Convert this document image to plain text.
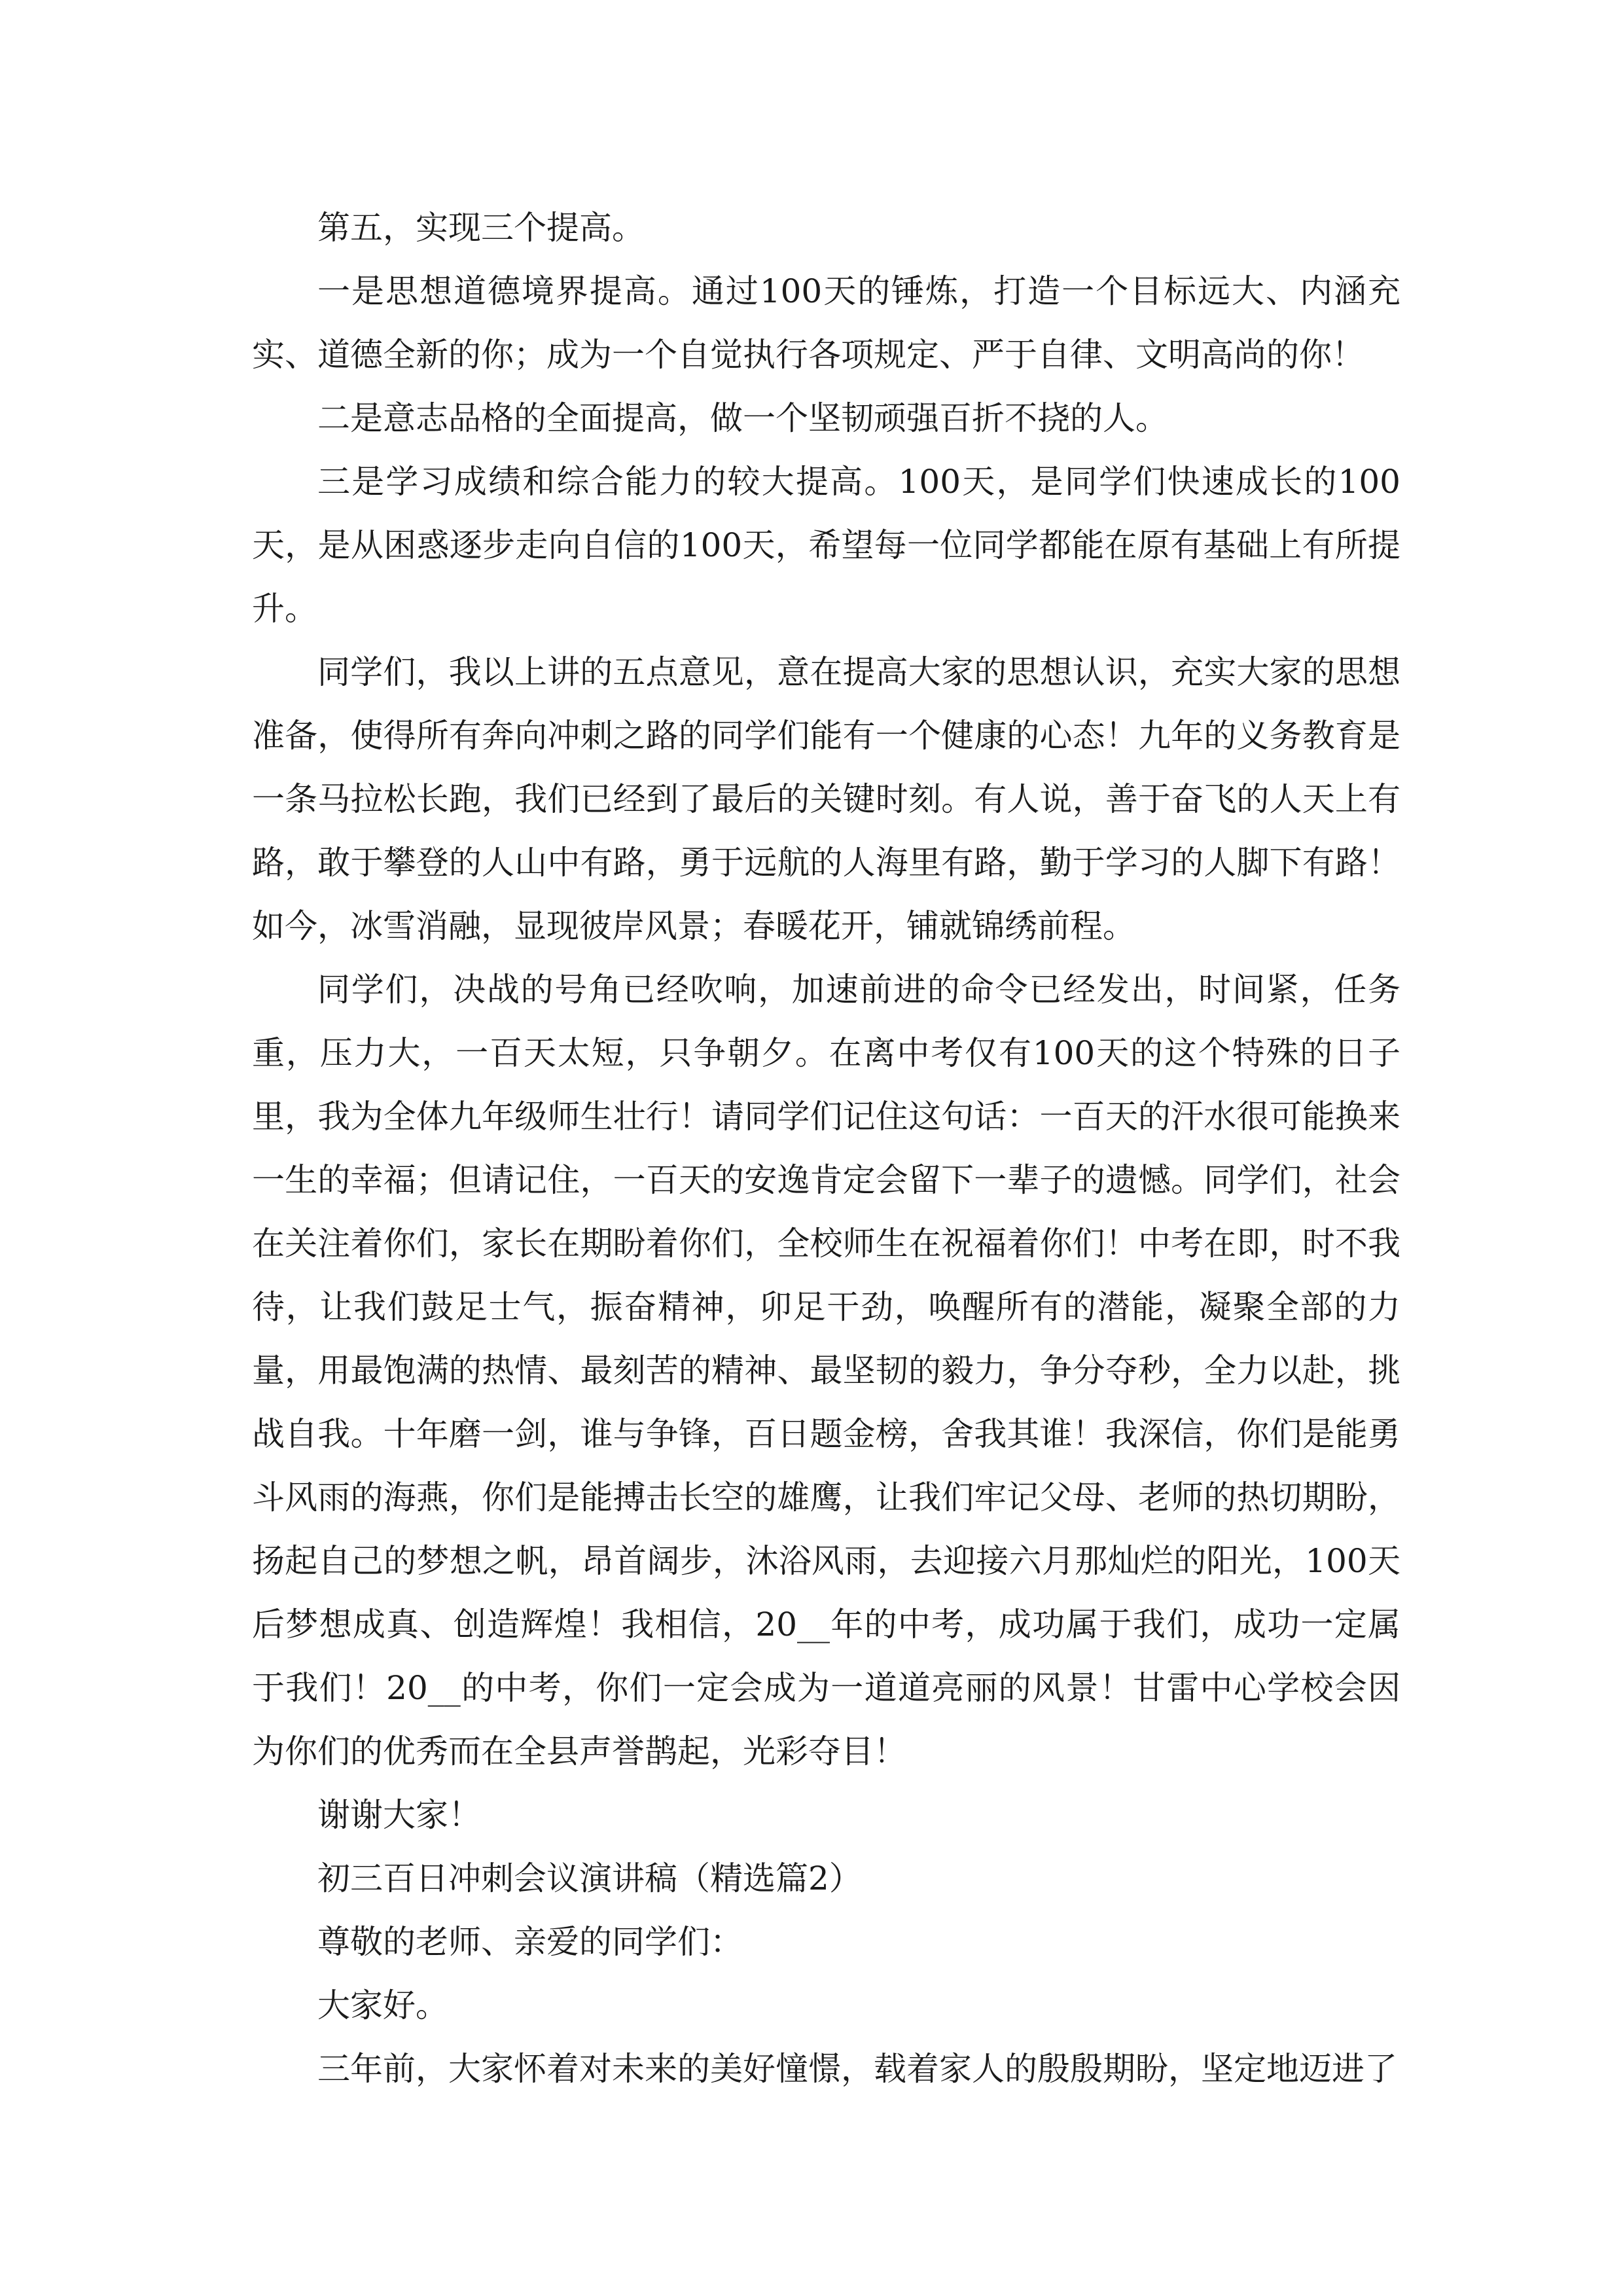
第五，实现三个提高。

一是思想道德境界提高。通过100天的锤炼，打造一个目标远大、内涵充实、道德全新的你；成为一个自觉执行各项规定、严于自律、文明高尚的你！

二是意志品格的全面提高，做一个坚韧顽强百折不挠的人。

三是学习成绩和综合能力的较大提高。100天，是同学们快速成长的100天，是从困惑逐步走向自信的100天，希望每一位同学都能在原有基础上有所提升。

同学们，我以上讲的五点意见，意在提高大家的思想认识，充实大家的思想准备，使得所有奔向冲刺之路的同学们能有一个健康的心态！九年的义务教育是一条马拉松长跑，我们已经到了最后的关键时刻。有人说，善于奋飞的人天上有路，敢于攀登的人山中有路，勇于远航的人海里有路，勤于学习的人脚下有路！如今，冰雪消融，显现彼岸风景；春暖花开，铺就锦绣前程。

同学们，决战的号角已经吹响，加速前进的命令已经发出，时间紧，任务重，压力大，一百天太短，只争朝夕。在离中考仅有100天的这个特殊的日子里，我为全体九年级师生壮行！请同学们记住这句话：一百天的汗水很可能换来一生的幸福；但请记住，一百天的安逸肯定会留下一辈子的遗憾。同学们，社会在关注着你们，家长在期盼着你们，全校师生在祝福着你们！中考在即，时不我待，让我们鼓足士气，振奋精神，卯足干劲，唤醒所有的潜能，凝聚全部的力量，用最饱满的热情、最刻苦的精神、最坚韧的毅力，争分夺秒，全力以赴，挑战自我。十年磨一剑，谁与争锋，百日题金榜，舍我其谁！我深信，你们是能勇斗风雨的海燕，你们是能搏击长空的雄鹰，让我们牢记父母、老师的热切期盼，扬起自己的梦想之帆，昂首阔步，沐浴风雨，去迎接六月那灿烂的阳光，100天后梦想成真、创造辉煌！我相信，20__年的中考，成功属于我们，成功一定属于我们！20__的中考，你们一定会成为一道道亮丽的风景！甘雷中心学校会因为你们的优秀而在全县声誉鹊起，光彩夺目！

谢谢大家！

初三百日冲刺会议演讲稿（精选篇2）

尊敬的老师、亲爱的同学们：

大家好。

三年前，大家怀着对未来的美好憧憬，载着家人的殷殷期盼，坚定地迈进了
